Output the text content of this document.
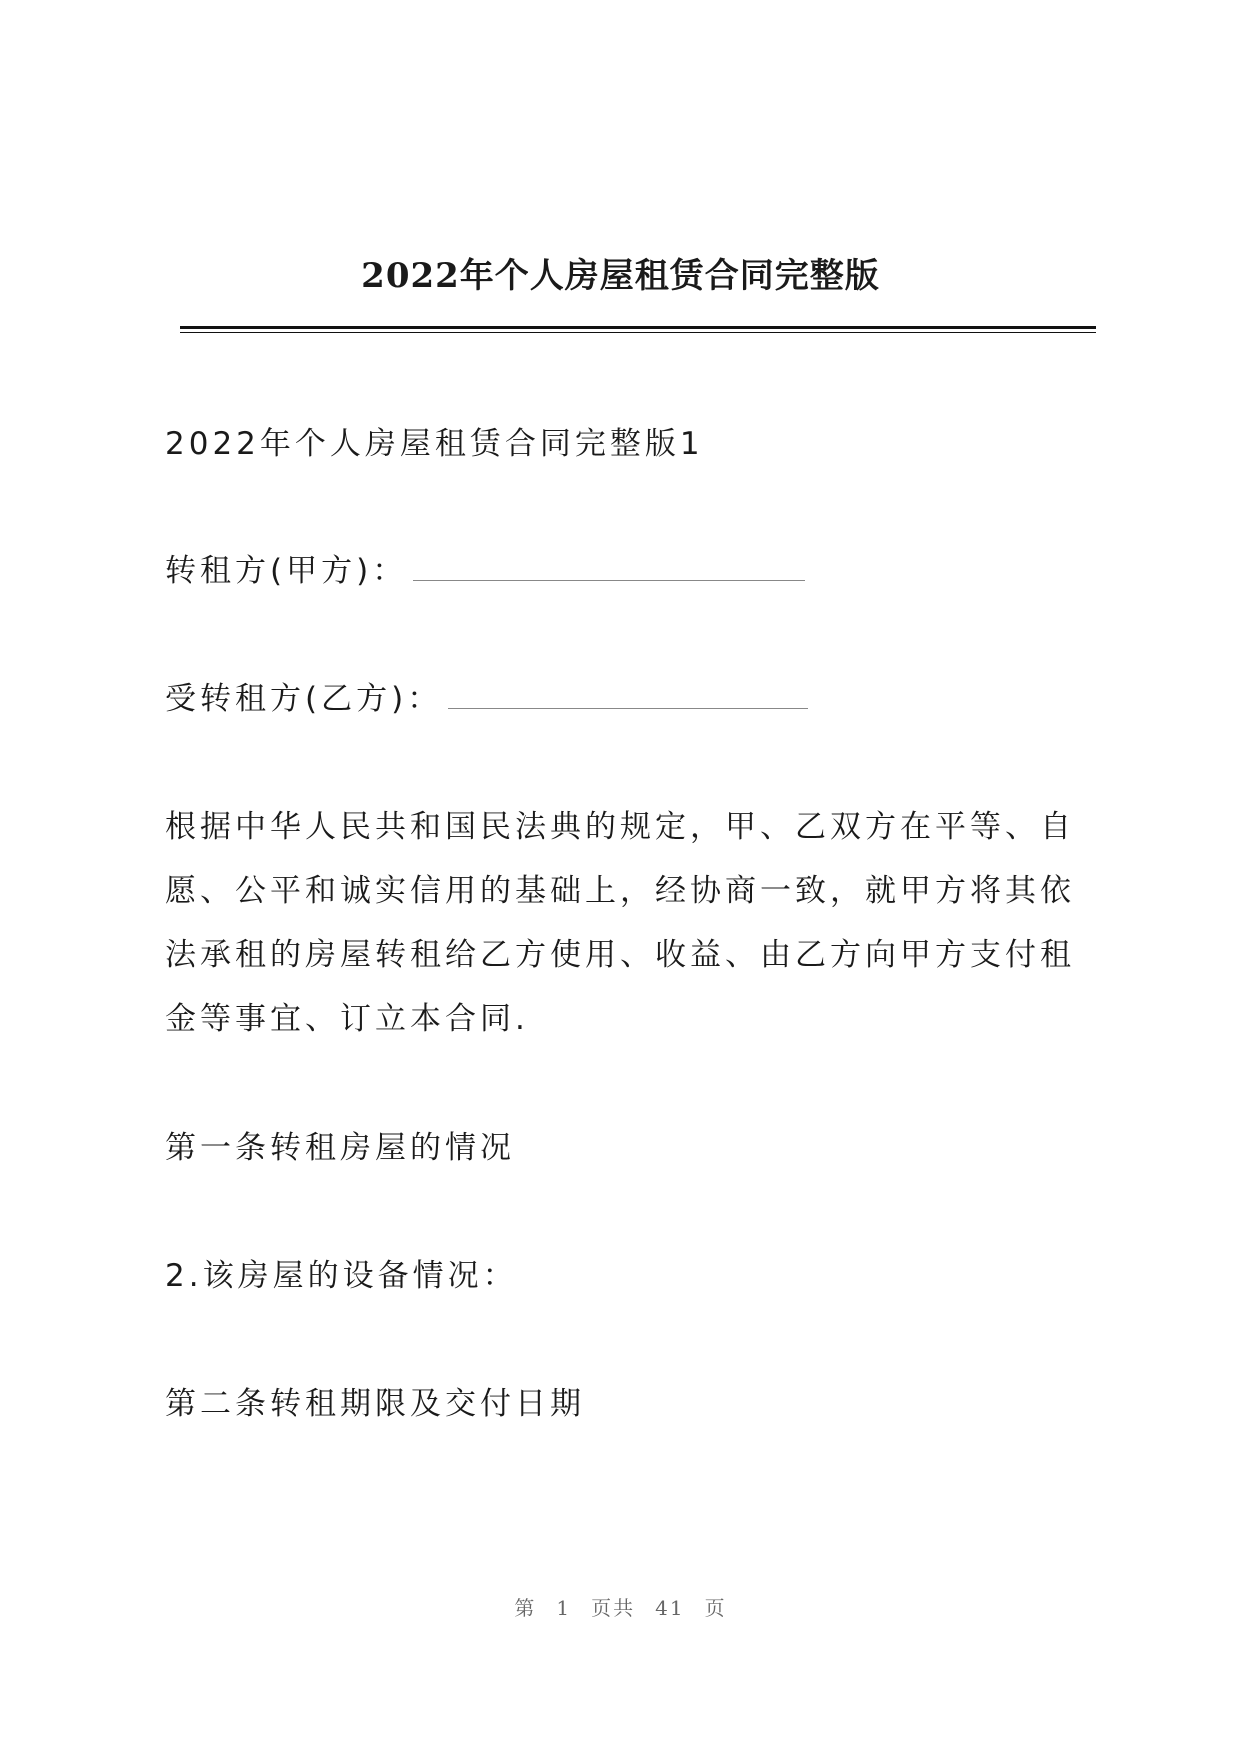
2022年个人房屋租赁合同完整版
2022年个人房屋租赁合同完整版1
转租方(甲方)：
受转租方(乙方)：
根据中华人民共和国民法典的规定，甲、乙双方在平等、自愿、公平和诚实信用的基础上，经协商一致，就甲方将其依法承租的房屋转租给乙方使用、收益、由乙方向甲方支付租金等事宜、订立本合同.
第一条转租房屋的情况
2.该房屋的设备情况：
第二条转租期限及交付日期
第 1 页共 41 页
